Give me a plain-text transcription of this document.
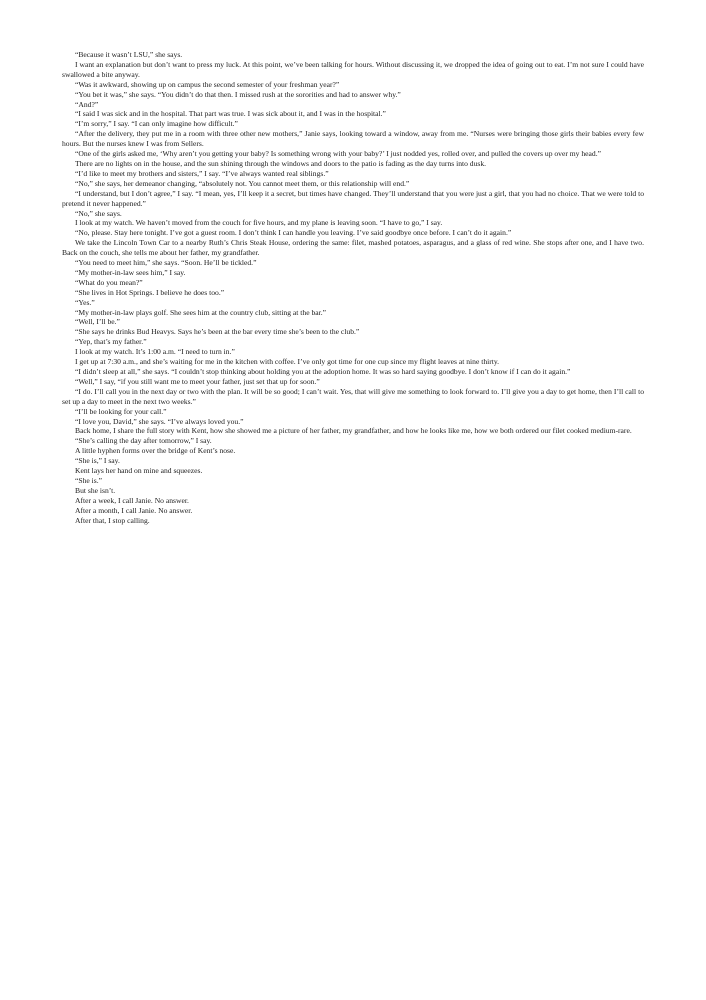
“Because it wasn’t LSU,” she says.

I want an explanation but don’t want to press my luck. At this point, we’ve been talking for hours. Without discussing it, we dropped the idea of going out to eat. I’m not sure I could have swallowed a bite anyway.

“Was it awkward, showing up on campus the second semester of your freshman year?”

“You bet it was,” she says. “You didn’t do that then. I missed rush at the sororities and had to answer why.”

“And?”

“I said I was sick and in the hospital. That part was true. I was sick about it, and I was in the hospital.”

“I’m sorry,” I say. “I can only imagine how difficult.”

“After the delivery, they put me in a room with three other new mothers,” Janie says, looking toward a window, away from me. “Nurses were bringing those girls their babies every few hours. But the nurses knew I was from Sellers.

“One of the girls asked me, ‘Why aren’t you getting your baby? Is something wrong with your baby?’ I just nodded yes, rolled over, and pulled the covers up over my head.”

There are no lights on in the house, and the sun shining through the windows and doors to the patio is fading as the day turns into dusk.

“I’d like to meet my brothers and sisters,” I say. “I’ve always wanted real siblings.”

“No,” she says, her demeanor changing, “absolutely not. You cannot meet them, or this relationship will end.”

“I understand, but I don’t agree,” I say. “I mean, yes, I’ll keep it a secret, but times have changed. They’ll understand that you were just a girl, that you had no choice. That we were told to pretend it never happened.”

“No,” she says.

I look at my watch. We haven’t moved from the couch for five hours, and my plane is leaving soon. “I have to go,” I say.

“No, please. Stay here tonight. I’ve got a guest room. I don’t think I can handle you leaving. I’ve said goodbye once before. I can’t do it again.”

We take the Lincoln Town Car to a nearby Ruth’s Chris Steak House, ordering the same: filet, mashed potatoes, asparagus, and a glass of red wine. She stops after one, and I have two. Back on the couch, she tells me about her father, my grandfather.

“You need to meet him,” she says. “Soon. He’ll be tickled.”

“My mother-in-law sees him,” I say.

“What do you mean?”

“She lives in Hot Springs. I believe he does too.”

“Yes.”

“My mother-in-law plays golf. She sees him at the country club, sitting at the bar.”

“Well, I’ll be.”

“She says he drinks Bud Heavys. Says he’s been at the bar every time she’s been to the club.”

“Yep, that’s my father.”

I look at my watch. It’s 1:00 a.m. “I need to turn in.”

I get up at 7:30 a.m., and she’s waiting for me in the kitchen with coffee. I’ve only got time for one cup since my flight leaves at nine thirty.

“I didn’t sleep at all,” she says. “I couldn’t stop thinking about holding you at the adoption home. It was so hard saying goodbye. I don’t know if I can do it again.”

“Well,” I say, “if you still want me to meet your father, just set that up for soon.”

“I do. I’ll call you in the next day or two with the plan. It will be so good; I can’t wait. Yes, that will give me something to look forward to. I’ll give you a day to get home, then I’ll call to set up a day to meet in the next two weeks.”

“I’ll be looking for your call.”

“I love you, David,” she says. “I’ve always loved you.”

Back home, I share the full story with Kent, how she showed me a picture of her father, my grandfather, and how he looks like me, how we both ordered our filet cooked medium-rare.

“She’s calling the day after tomorrow,” I say.

A little hyphen forms over the bridge of Kent’s nose.

“She is,” I say.

Kent lays her hand on mine and squeezes.

“She is.”

But she isn’t.

After a week, I call Janie. No answer.

After a month, I call Janie. No answer.

After that, I stop calling.
